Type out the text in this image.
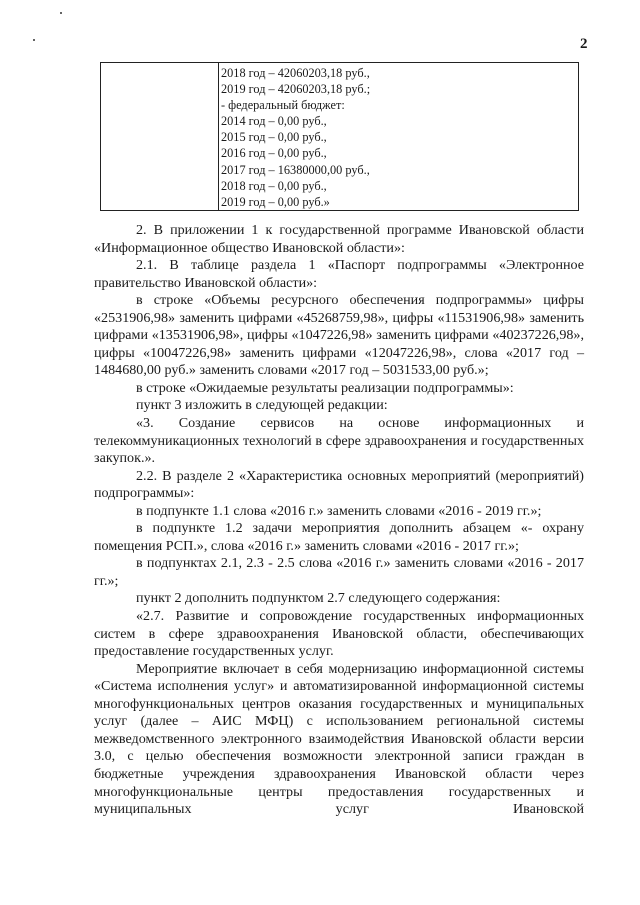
2
2018 год – 42060203,18 руб.,
2019 год – 42060203,18 руб.;
- федеральный бюджет:
2014 год – 0,00 руб.,
2015 год – 0,00 руб.,
2016 год – 0,00 руб.,
2017 год – 16380000,00 руб.,
2018 год – 0,00 руб.,
2019 год – 0,00 руб.»

2. В приложении 1 к государственной программе Ивановской области «Информационное общество Ивановской области»:

2.1. В таблице раздела 1 «Паспорт подпрограммы «Электронное правительство Ивановской области»:

в строке «Объемы ресурсного обеспечения подпрограммы» цифры «2531906,98» заменить цифрами «45268759,98», цифры «11531906,98» заменить цифрами «13531906,98», цифры «1047226,98» заменить цифрами «40237226,98», цифры «10047226,98» заменить цифрами «12047226,98», слова «2017 год – 1484680,00 руб.» заменить словами «2017 год – 5031533,00 руб.»;

в строке «Ожидаемые результаты реализации подпрограммы»:

пункт 3 изложить в следующей редакции:

«3. Создание сервисов на основе информационных и телекоммуникационных технологий в сфере здравоохранения и государственных закупок.».

2.2. В разделе 2 «Характеристика основных мероприятий (мероприятий) подпрограммы»:

в подпункте 1.1 слова «2016 г.» заменить словами «2016 - 2019 гг.»;

в подпункте 1.2 задачи мероприятия дополнить абзацем «- охрану помещения РСП.», слова «2016 г.» заменить словами «2016 - 2017 гг.»;

в подпунктах 2.1, 2.3 - 2.5 слова «2016 г.» заменить словами «2016 - 2017 гг.»;

пункт 2 дополнить подпунктом 2.7 следующего содержания:

«2.7. Развитие и сопровождение государственных информационных систем в сфере здравоохранения Ивановской области, обеспечивающих предоставление государственных услуг.

Мероприятие включает в себя модернизацию информационной системы «Система исполнения услуг» и автоматизированной информационной системы многофункциональных центров оказания государственных и муниципальных услуг (далее – АИС МФЦ) с использованием региональной системы межведомственного электронного взаимодействия Ивановской области версии 3.0, с целью обеспечения возможности электронной записи граждан в бюджетные учреждения здравоохранения Ивановской области через многофункциональные центры предоставления государственных и муниципальных услуг Ивановской
